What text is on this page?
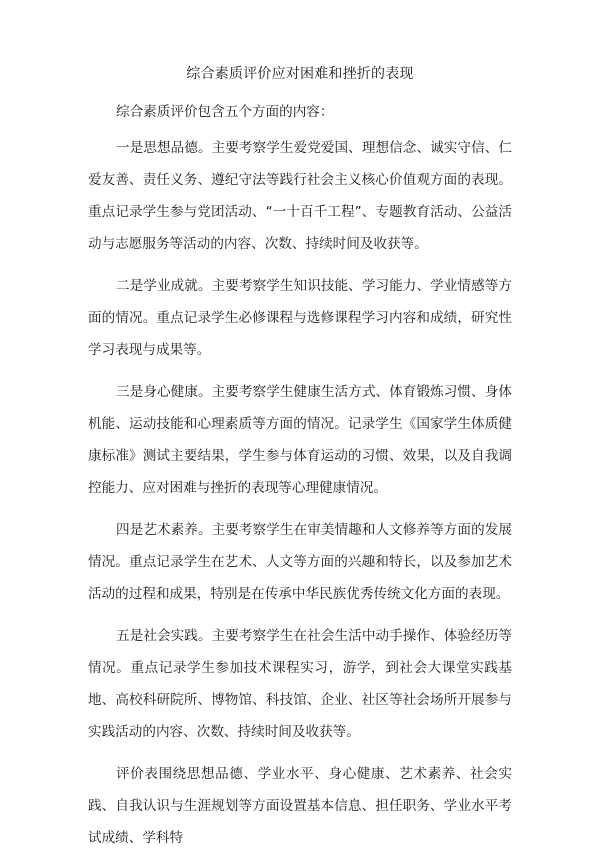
综合素质评价应对困难和挫折的表现

综合素质评价包含五个方面的内容：

一是思想品德。主要考察学生爱党爱国、理想信念、诚实守信、仁爱友善、责任义务、遵纪守法等践行社会主义核心价值观方面的表现。重点记录学生参与党团活动、“一十百千工程”、专题教育活动、公益活动与志愿服务等活动的内容、次数、持续时间及收获等。

二是学业成就。主要考察学生知识技能、学习能力、学业情感等方面的情况。重点记录学生必修课程与选修课程学习内容和成绩，研究性学习表现与成果等。

三是身心健康。主要考察学生健康生活方式、体育锻炼习惯、身体机能、运动技能和心理素质等方面的情况。记录学生《国家学生体质健康标准》测试主要结果，学生参与体育运动的习惯、效果，以及自我调控能力、应对困难与挫折的表现等心理健康情况。

四是艺术素养。主要考察学生在审美情趣和人文修养等方面的发展情况。重点记录学生在艺术、人文等方面的兴趣和特长，以及参加艺术活动的过程和成果，特别是在传承中华民族优秀传统文化方面的表现。

五是社会实践。主要考察学生在社会生活中动手操作、体验经历等情况。重点记录学生参加技术课程实习，游学，到社会大课堂实践基地、高校科研院所、博物馆、科技馆、企业、社区等社会场所开展参与实践活动的内容、次数、持续时间及收获等。

评价表围绕思想品德、学业水平、身心健康、艺术素养、社会实践、自我认识与生涯规划等方面设置基本信息、担任职务、学业水平考试成绩、学科特
